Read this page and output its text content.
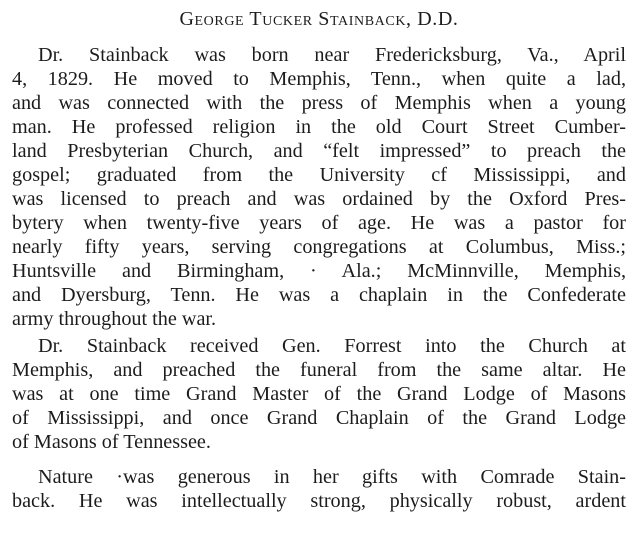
George Tucker Stainback, D.D.
Dr. Stainback was born near Fredericksburg, Va., April
4, 1829. He moved to Memphis, Tenn., when quite a lad,
and was connected with the press of Memphis when a young
man. He professed religion in the old Court Street Cumber-
land Presbyterian Church, and “felt impressed” to preach the
gospel; graduated from the University cf Mississippi, and
was licensed to preach and was ordained by the Oxford Pres-
bytery when twenty-five years of age. He was a pastor for
nearly fifty years, serving congregations at Columbus, Miss.;
Huntsville and Birmingham, · Ala.; McMinnville, Memphis,
and Dyersburg, Tenn. He was a chaplain in the Confederate
army throughout the war.
Dr. Stainback received Gen. Forrest into the Church at
Memphis, and preached the funeral from the same altar. He
was at one time Grand Master of the Grand Lodge of Masons
of Mississippi, and once Grand Chaplain of the Grand Lodge
of Masons of Tennessee.
Nature ·was generous in her gifts with Comrade Stain-
back. He was intellectually strong, physically robust, ardent
